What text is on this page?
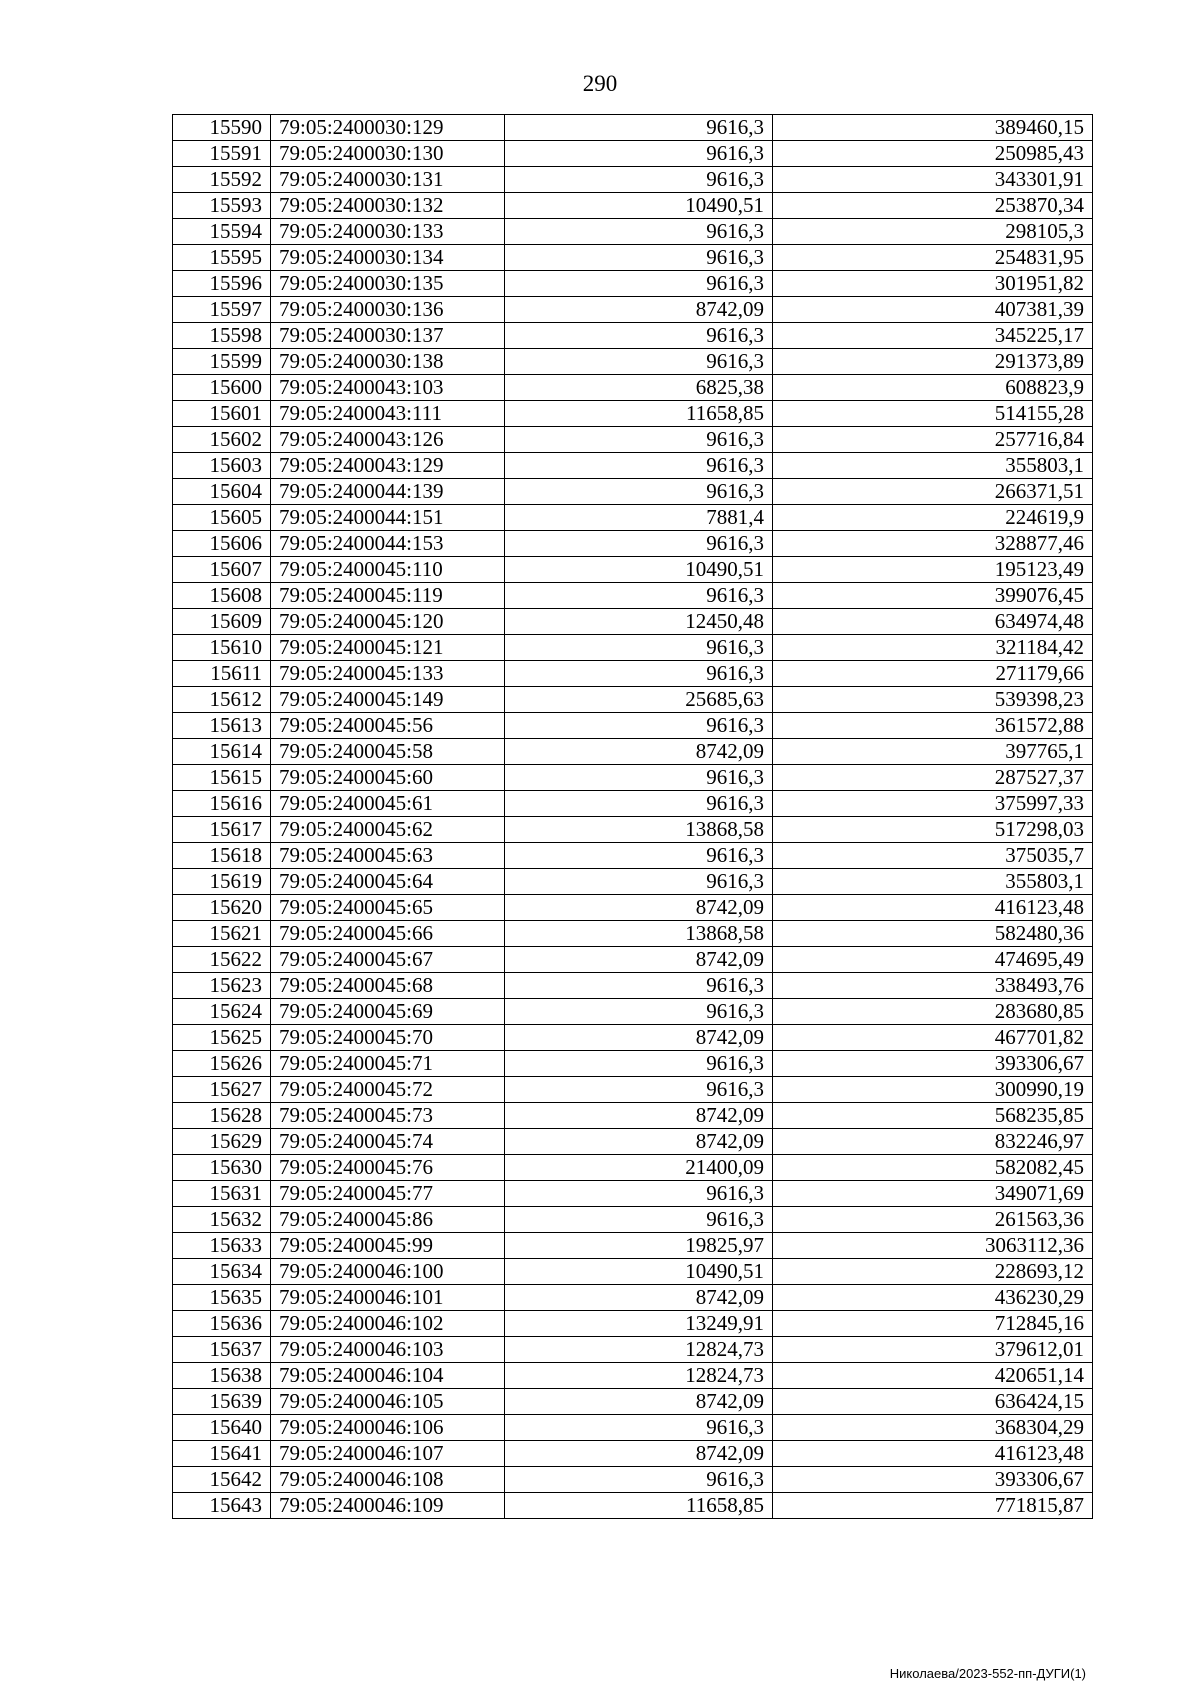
290
15590	79:05:2400030:129	9616,3	389460,15
15591	79:05:2400030:130	9616,3	250985,43
15592	79:05:2400030:131	9616,3	343301,91
15593	79:05:2400030:132	10490,51	253870,34
15594	79:05:2400030:133	9616,3	298105,3
15595	79:05:2400030:134	9616,3	254831,95
15596	79:05:2400030:135	9616,3	301951,82
15597	79:05:2400030:136	8742,09	407381,39
15598	79:05:2400030:137	9616,3	345225,17
15599	79:05:2400030:138	9616,3	291373,89
15600	79:05:2400043:103	6825,38	608823,9
15601	79:05:2400043:111	11658,85	514155,28
15602	79:05:2400043:126	9616,3	257716,84
15603	79:05:2400043:129	9616,3	355803,1
15604	79:05:2400044:139	9616,3	266371,51
15605	79:05:2400044:151	7881,4	224619,9
15606	79:05:2400044:153	9616,3	328877,46
15607	79:05:2400045:110	10490,51	195123,49
15608	79:05:2400045:119	9616,3	399076,45
15609	79:05:2400045:120	12450,48	634974,48
15610	79:05:2400045:121	9616,3	321184,42
15611	79:05:2400045:133	9616,3	271179,66
15612	79:05:2400045:149	25685,63	539398,23
15613	79:05:2400045:56	9616,3	361572,88
15614	79:05:2400045:58	8742,09	397765,1
15615	79:05:2400045:60	9616,3	287527,37
15616	79:05:2400045:61	9616,3	375997,33
15617	79:05:2400045:62	13868,58	517298,03
15618	79:05:2400045:63	9616,3	375035,7
15619	79:05:2400045:64	9616,3	355803,1
15620	79:05:2400045:65	8742,09	416123,48
15621	79:05:2400045:66	13868,58	582480,36
15622	79:05:2400045:67	8742,09	474695,49
15623	79:05:2400045:68	9616,3	338493,76
15624	79:05:2400045:69	9616,3	283680,85
15625	79:05:2400045:70	8742,09	467701,82
15626	79:05:2400045:71	9616,3	393306,67
15627	79:05:2400045:72	9616,3	300990,19
15628	79:05:2400045:73	8742,09	568235,85
15629	79:05:2400045:74	8742,09	832246,97
15630	79:05:2400045:76	21400,09	582082,45
15631	79:05:2400045:77	9616,3	349071,69
15632	79:05:2400045:86	9616,3	261563,36
15633	79:05:2400045:99	19825,97	3063112,36
15634	79:05:2400046:100	10490,51	228693,12
15635	79:05:2400046:101	8742,09	436230,29
15636	79:05:2400046:102	13249,91	712845,16
15637	79:05:2400046:103	12824,73	379612,01
15638	79:05:2400046:104	12824,73	420651,14
15639	79:05:2400046:105	8742,09	636424,15
15640	79:05:2400046:106	9616,3	368304,29
15641	79:05:2400046:107	8742,09	416123,48
15642	79:05:2400046:108	9616,3	393306,67
15643	79:05:2400046:109	11658,85	771815,87
Николаева/2023-552-пп-ДУГИ(1)
